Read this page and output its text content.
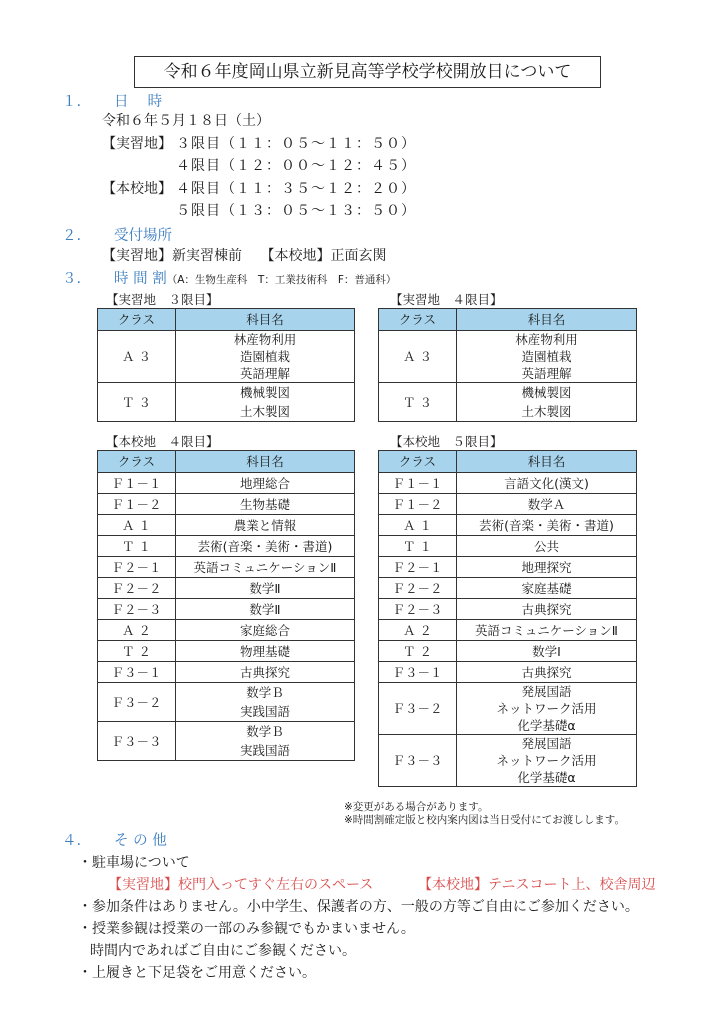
令和６年度岡山県立新見高等学校学校開放日について
１. 日　 時
令和６年５月１８日（土）
【実習地】 ３限目（１１：０５～１１：５０）
４限目（１２：００～１２：４５）
【本校地】 ４限目（１１：３５～１２：２０）
５限目（１３：０５～１３：５０）
２. 受付場所
【実習地】新実習棟前　 【本校地】正面玄関
３. 時 間 割（A：生物生産科　T：工業技術科　F：普通科）
【実習地　３限目】	【実習地　４限目】
【本校地　４限目】	【本校地　５限目】
クラス	科目名
Ａ ３	林産物利用
造園植栽
英語理解

Ｔ ３	機械製図
土木製図
クラス	科目名
Ａ ３	林産物利用
造園植栽
英語理解

Ｔ ３	機械製図
土木製図
クラス	科目名
Ｆ１－１	地理総合

Ｆ１－２	生物基礎

Ａ １	農業と情報

Ｔ １	芸術(音楽・美術・書道)

Ｆ２－１	英語コミュニケーションⅡ

Ｆ２－２	数学Ⅱ

Ｆ２－３	数学Ⅱ

Ａ ２	家庭総合

Ｔ ２	物理基礎

Ｆ３－１	古典探究

Ｆ３－２	数学Ｂ
実践国語

Ｆ３－３	数学Ｂ
実践国語
クラス	科目名
Ｆ１－１	言語文化(漢文)

Ｆ１－２	数学Ａ

Ａ １	芸術(音楽・美術・書道)

Ｔ １	公共

Ｆ２－１	地理探究

Ｆ２－２	家庭基礎

Ｆ２－３	古典探究

Ａ ２	英語コミュニケーションⅡ

Ｔ ２	数学Ⅰ

Ｆ３－１	古典探究

Ｆ３－２	発展国語
ネットワーク活用
化学基礎α

Ｆ３－３	発展国語
ネットワーク活用
化学基礎α
※変更がある場合があります。
※時間割確定版と校内案内図は当日受付にてお渡しします。
４. そ の 他
・駐車場について
【実習地】校門入ってすぐ左右のスペース	【本校地】テニスコート上、校舎周辺
・参加条件はありません。小中学生、保護者の方、一般の方等ご自由にご参加ください。
・授業参観は授業の一部のみ参観でもかまいません。
時間内であればご自由にご参観ください。
・上履きと下足袋をご用意ください。
